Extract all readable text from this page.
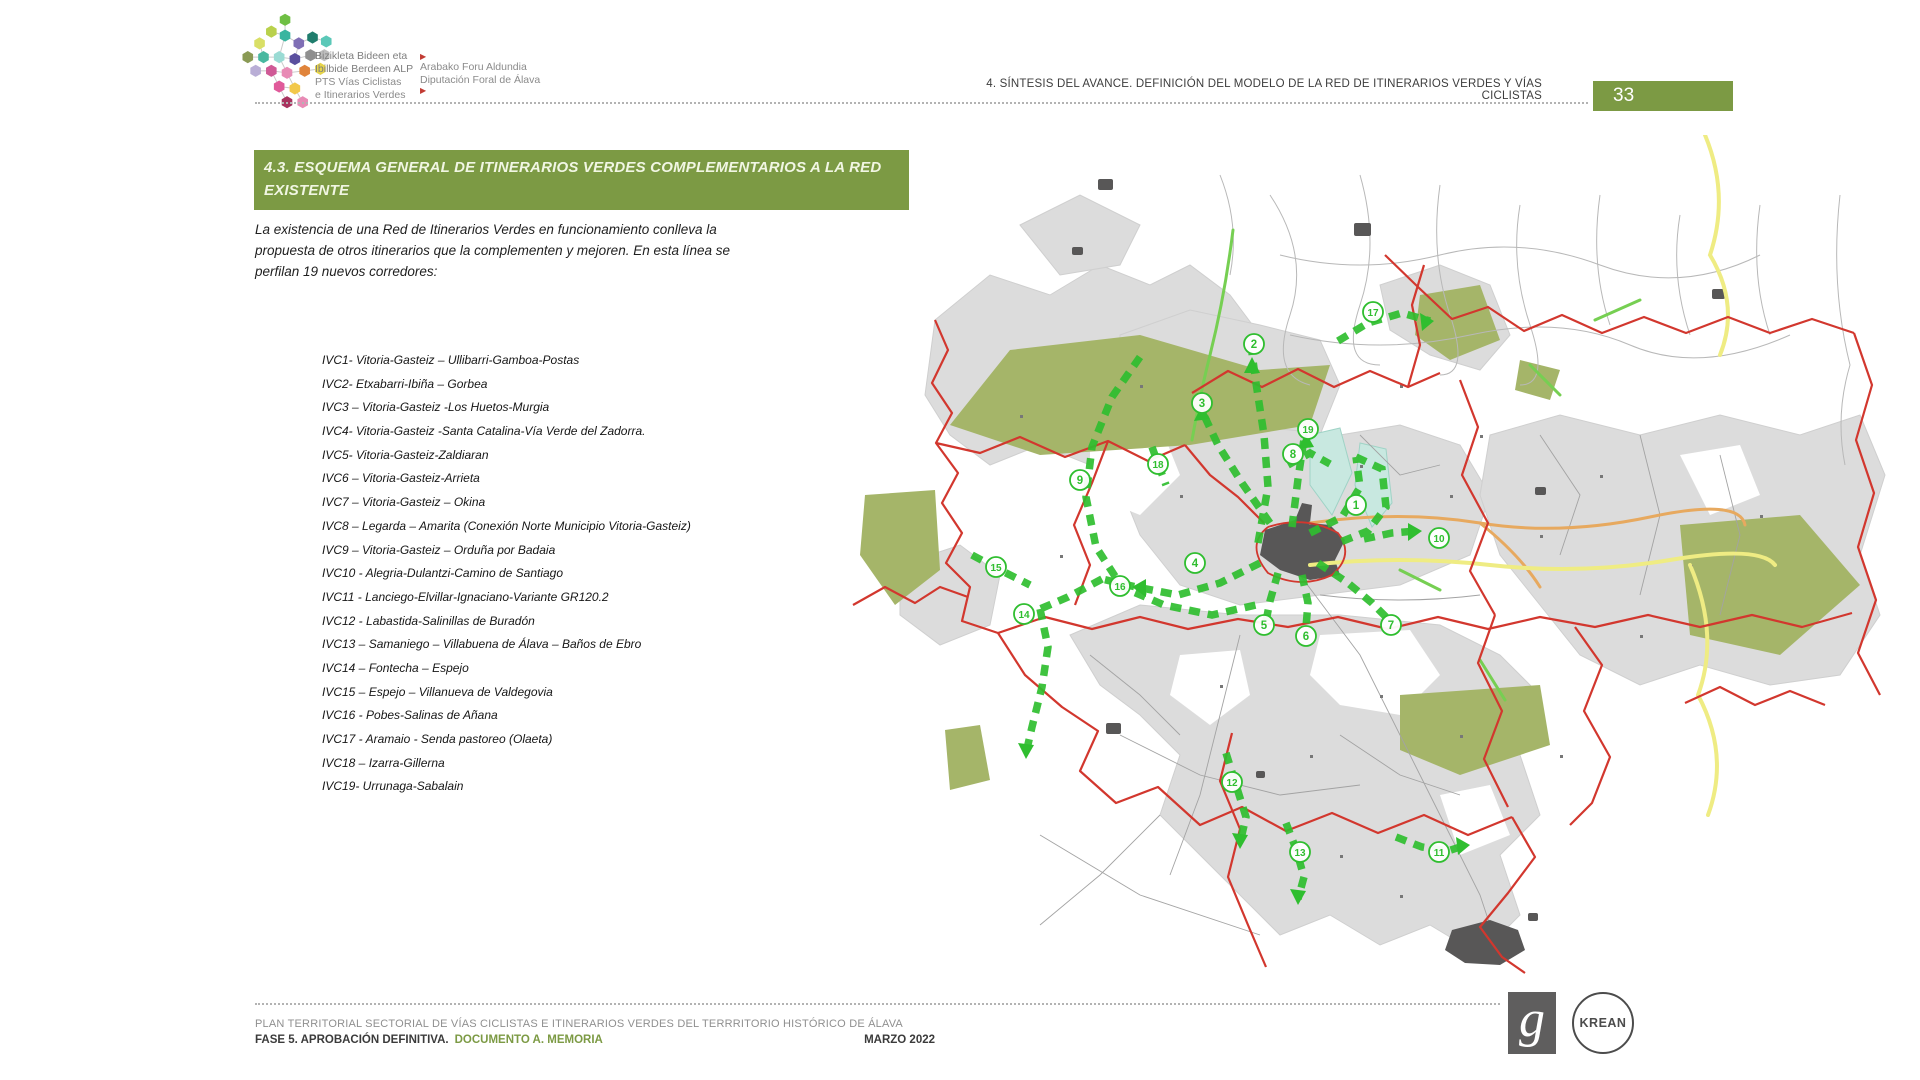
Bizikleta Bideen eta
Ibilbide Berdeen ALP
PTS Vías Ciclistas
e Itinerarios Verdes
▶
Arabako Foru Aldundia
Diputación Foral de Álava
▶
4. SÍNTESIS DEL AVANCE. DEFINICIÓN DEL MODELO DE LA RED DE ITINERARIOS VERDES Y VÍAS CICLISTAS	33
4.3. ESQUEMA GENERAL DE ITINERARIOS VERDES COMPLEMENTARIOS A LA RED
EXISTENTE
La existencia de una Red de Itinerarios Verdes en funcionamiento conlleva la propuesta de otros itinerarios que la complementen y mejoren. En esta línea se perfilan 19 nuevos corredores:
IVC1- Vitoria-Gasteiz – Ullibarri-Gamboa-Postas
IVC2- Etxabarri-Ibiña – Gorbea
IVC3 – Vitoria-Gasteiz -Los Huetos-Murgia
IVC4- Vitoria-Gasteiz -Santa Catalina-Vía Verde del Zadorra.
IVC5- Vitoria-Gasteiz-Zaldiaran
IVC6 – Vitoria-Gasteiz-Arrieta
IVC7 – Vitoria-Gasteiz – Okina
IVC8 – Legarda – Amarita (Conexión Norte Municipio Vitoria-Gasteiz)
IVC9 – Vitoria-Gasteiz – Orduña por Badaia
IVC10 - Alegria-Dulantzi-Camino de Santiago
IVC11 - Lanciego-Elvillar-Ignaciano-Variante GR120.2
IVC12 - Labastida-Salinillas de Buradón
IVC13 – Samaniego – Villabuena de Álava – Baños de Ebro
IVC14 – Fontecha – Espejo
IVC15 – Espejo – Villanueva de Valdegovia
IVC16 - Pobes-Salinas de Añana
IVC17 - Aramaio - Senda pastoreo (Olaeta)
IVC18 – Izarra-Gillerna
IVC19- Urrunaga-Sabalain
1
2
3
4
5
6
7
8
9
10
11
12
13
14
15
16
17
18
19
PLAN TERRITORIAL SECTORIAL DE VÍAS CICLISTAS E ITINERARIOS VERDES DEL TERRRITORIO HISTÓRICO DE ÁLAVA
FASE 5. APROBACIÓN DEFINITIVA. DOCUMENTO A. MEMORIA	MARZO 2022	g	KREAN
